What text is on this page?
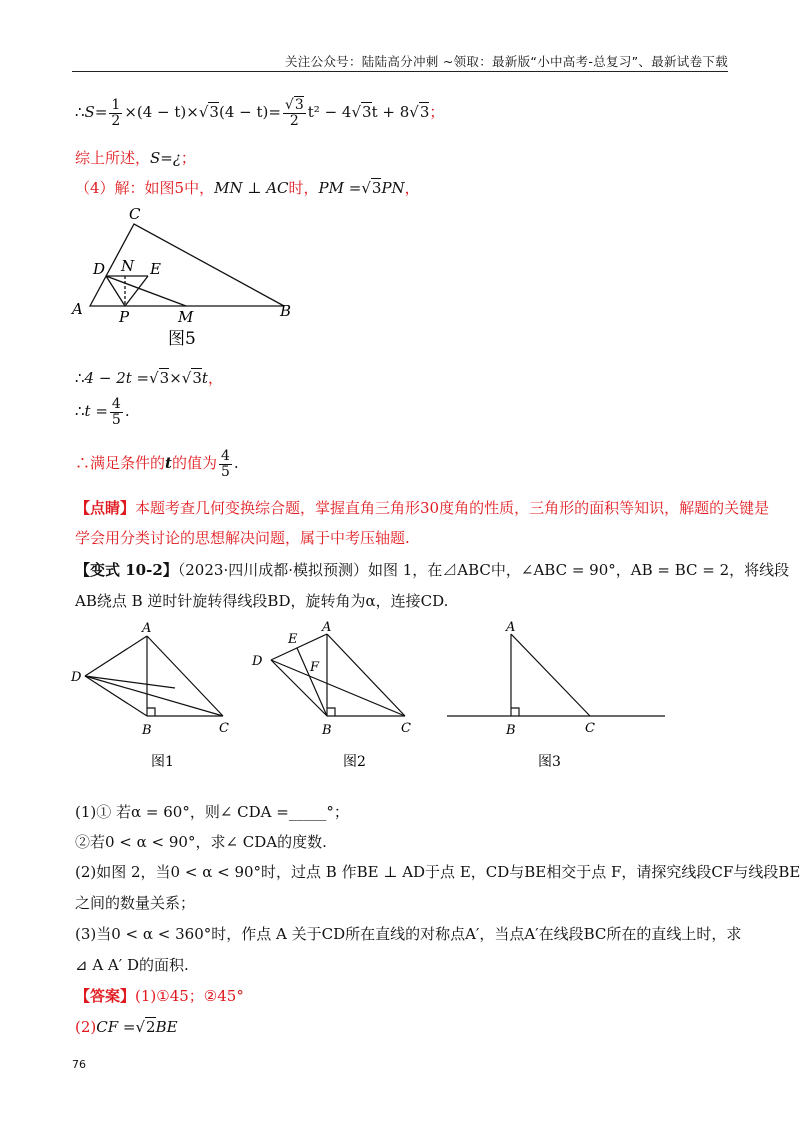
关注公众号：陆陆高分冲刺 ~领取：最新版“小中高考-总复习”、最新试卷下载
∴S= $\frac{1}{2} \times(4 - t)\times√3(4 - t)= \frac{√3}{2} t^2 - 4√3t + 8√3$；
综上所述，S=¿；
（4）解：如图5中，MN ⊥ AC时，PM =√3PN，
C
D N E
A P	M	B
图5
∴4 − 2t =√3×√3t，
∴t = $\frac{4}{5}$ .
∴满足条件的t的值为 $\frac{4}{5}$ .
【点睛】本题考查几何变换综合题，掌握直角三角形30度角的性质，三角形的面积等知识，解题的关键是
学会用分类讨论的思想解决问题，属于中考压轴题.
【变式 10-2】（2023·四川成都·模拟预测）如图 1，在⊿ABC中，∠ABC = 90°，AB = BC = 2，将线段
AB绕点 B 逆时针旋转得线段BD，旋转角为α，连接CD.
A
D
B	C
图1
A
E
D	F
B	C
图2
A
B	C
图3
(1)① 若α = 60°，则∠ CDA =_____°；
②若0 < α < 90°，求∠ CDA的度数.
(2)如图 2，当0 < α < 90°时，过点 B 作BE ⊥ AD于点 E，CD与BE相交于点 F，请探究线段CF与线段BE
之间的数量关系；
(3)当0 < α < 360°时，作点 A 关于CD所在直线的对称点A′，当点A′在线段BC所在的直线上时，求
⊿ A A′ D的面积.
【答案】(1)①45；②45°
(2)CF =√2BE
76
